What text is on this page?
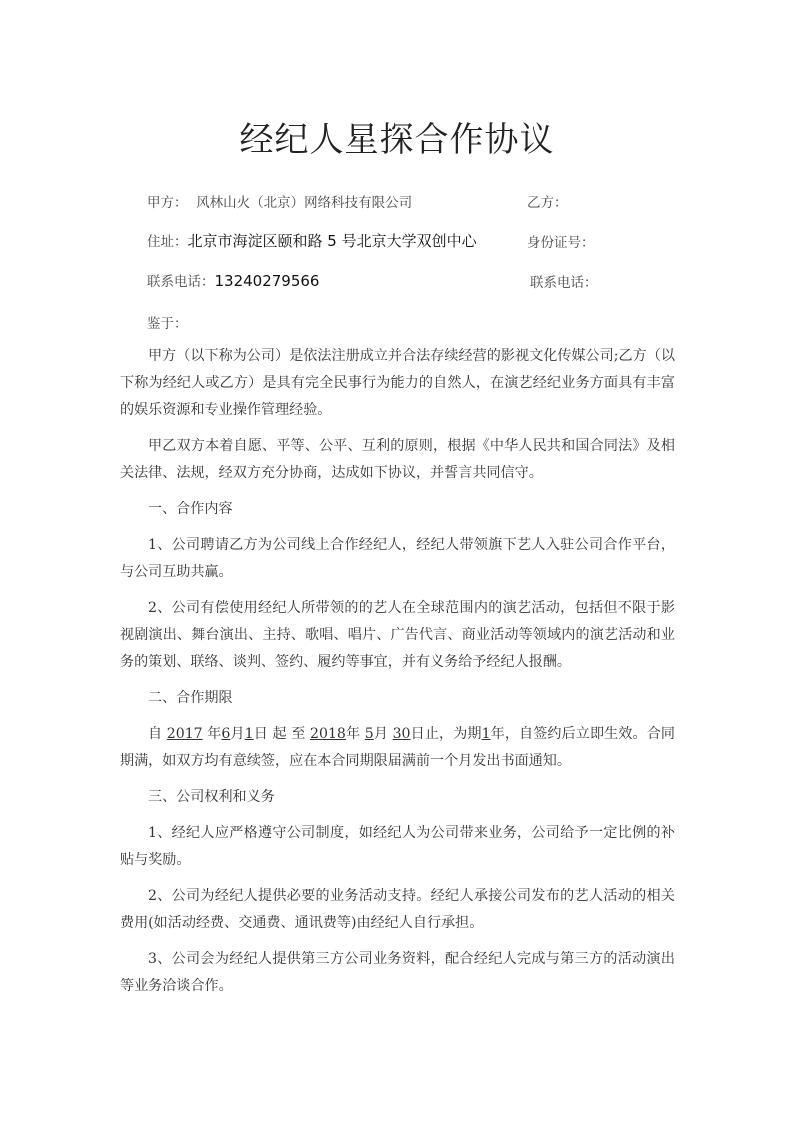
经纪人星探合作协议
甲方： 风林山火（北京）网络科技有限公司	乙方：
住址：北京市海淀区颐和路 5 号北京大学双创中心	身份证号：
联系电话：13240279566	联系电话：
鉴于：

甲方（以下称为公司）是依法注册成立并合法存续经营的影视文化传媒公司;乙方（以下称为经纪人或乙方）是具有完全民事行为能力的自然人，在演艺经纪业务方面具有丰富的娱乐资源和专业操作管理经验。

甲乙双方本着自愿、平等、公平、互利的原则，根据《中华人民共和国合同法》及相关法律、法规，经双方充分协商，达成如下协议，并誓言共同信守。

一、合作内容

1、公司聘请乙方为公司线上合作经纪人，经纪人带领旗下艺人入驻公司合作平台，与公司互助共赢。

2、公司有偿使用经纪人所带领的的艺人在全球范围内的演艺活动，包括但不限于影视剧演出、舞台演出、主持、歌唱、唱片、广告代言、商业活动等领域内的演艺活动和业务的策划、联络、谈判、签约、履约等事宜，并有义务给予经纪人报酬。

二、合作期限

自 2017 年6月1日 起 至 2018年 5月 30日止，为期1年，自签约后立即生效。合同期满，如双方均有意续签，应在本合同期限届满前一个月发出书面通知。

三、公司权利和义务

1、经纪人应严格遵守公司制度，如经纪人为公司带来业务，公司给予一定比例的补贴与奖励。

2、公司为经纪人提供必要的业务活动支持。经纪人承接公司发布的艺人活动的相关费用(如活动经费、交通费、通讯费等)由经纪人自行承担。

3、公司会为经纪人提供第三方公司业务资料，配合经纪人完成与第三方的活动演出等业务洽谈合作。
